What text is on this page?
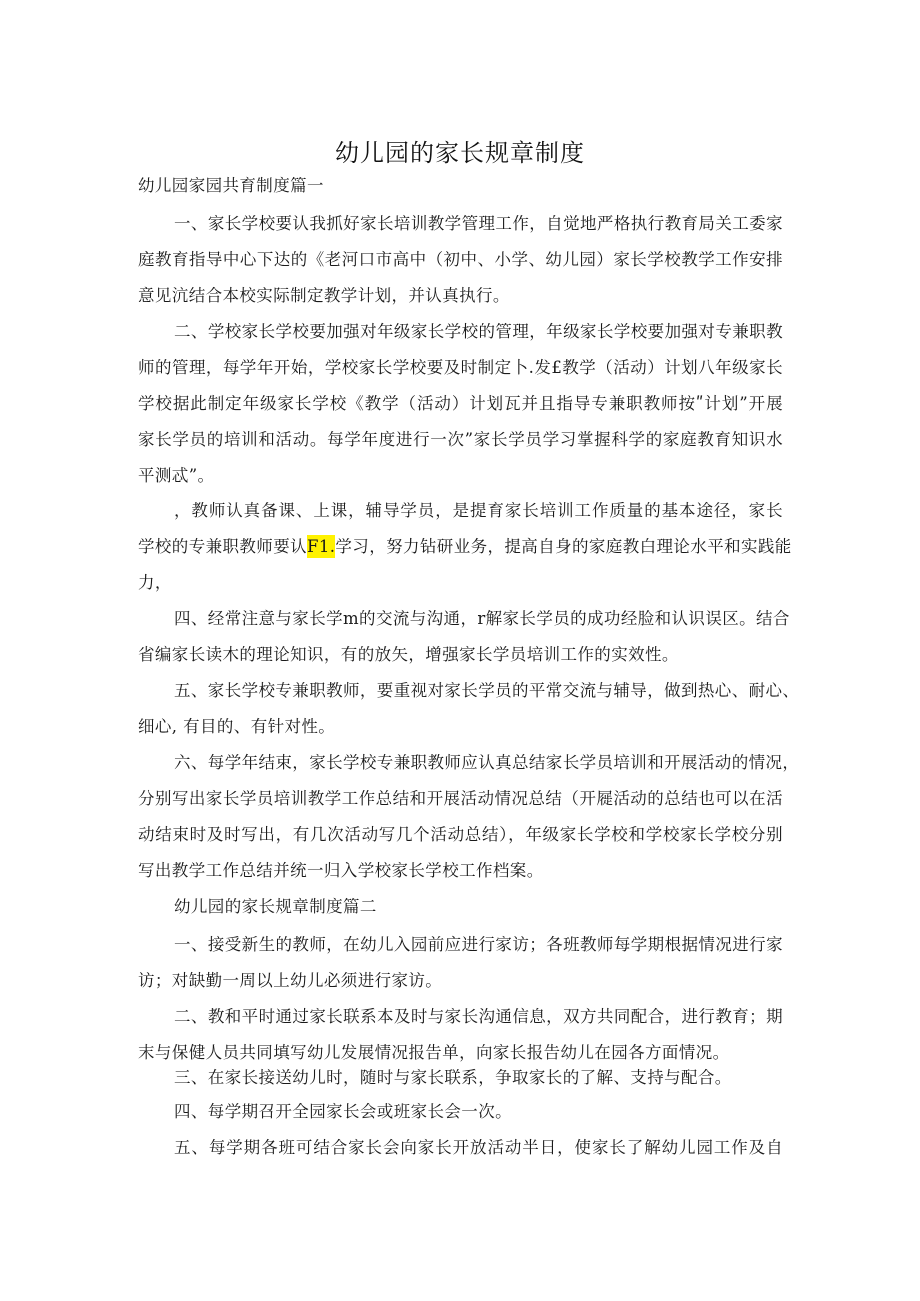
幼儿园的家长规章制度
幼儿园家园共育制度篇一
一、家长学校要认我抓好家长培训教学管理工作，自觉地严格执行教育局关工委家
庭教育指导中心下达的《老河口市高中（初中、小学、幼儿园）家长学校教学工作安排
意见沆结合本校实际制定教学计划，并认真执行。
二、学校家长学校要加强对年级家长学校的管理，年级家长学校要加强对专兼职教
师的管理，每学年开始，学校家长学校要及时制定卜.发£教学（活动）计划八年级家长
学校据此制定年级家长学校《教学（活动）计划瓦并且指导专兼职教师按ʺ计划”开展
家长学员的培训和活动。每学年度进行一次”家长学员学习掌握科学的家庭教育知识水
平测忒”。
，教师认真备课、上课，辅导学员，是提育家长培训工作质量的基本途径，家长
学校的专兼职教师要认F1.学习，努力钻研业务，提高自身的家庭教白理论水平和实践能
力，
四、经常注意与家长学m的交流与沟通，r解家长学员的成功经脸和认识误区。结合
省编家长读木的理论知识，有的放矢，增强家长学员培训工作的实效性。
五、家长学校专兼职教师，要重视对家长学员的平常交流与辅导，做到热心、耐心、
细心, 有目的、有针对性。
六、每学年结束，家长学校专兼职教师应认真总结家长学员培训和开展活动的情况，
分别写出家长学员培训教学工作总结和开展活动情况总结（开屣活动的总结也可以在活
动结束时及时写出，有几次活动写几个活动总结），年级家长学校和学校家长学校分别
写出教学工作总结并统一归入学校家长学校工作档案。
幼儿园的家长规章制度篇二
一、接受新生的教师，在幼儿入园前应进行家访；各班教师每学期根据情况进行家
访；对缺勤一周以上幼儿必须进行家访。
二、教和平时通过家长联系本及时与家长沟通信息，双方共同配合，进行教育；期
末与保健人员共同填写幼儿发展情况报告单，向家长报告幼儿在园各方面情况。
三、在家长接送幼儿时，随时与家长联系，争取家长的了解、支持与配合。
四、每学期召开全园家长会或班家长会一次。
五、每学期各班可结合家长会向家长开放活动半日，使家长了解幼儿园工作及自
